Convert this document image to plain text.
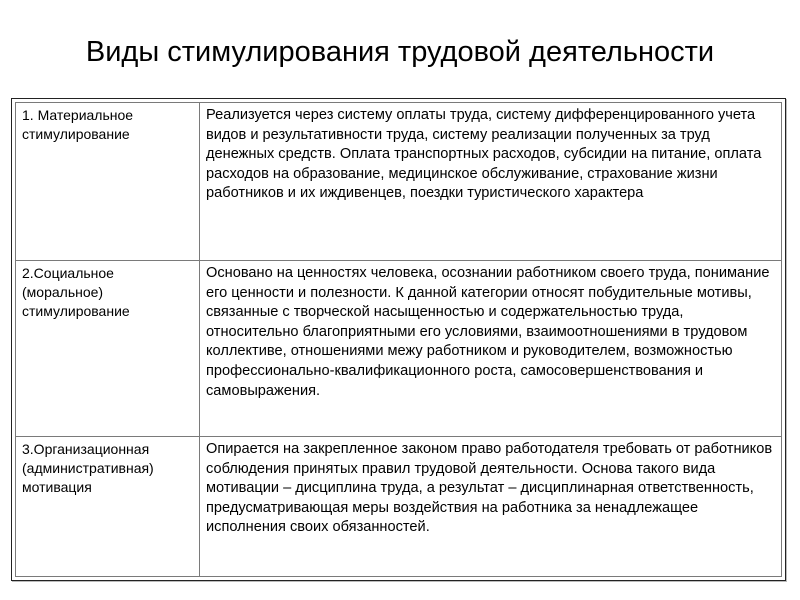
Виды стимулирования трудовой деятельности
1. Материальное стимулирование	Реализуется через систему оплаты труда, систему дифференцированного учета видов и результативности труда, систему реализации полученных за труд денежных средств. Оплата транспортных расходов, субсидии на питание, оплата расходов на образование, медицинское обслуживание, страхование жизни работников и их иждивенцев, поездки туристического характера
2.Социальное (моральное) стимулирование	Основано на ценностях человека, осознании работником своего труда, понимание его ценности и полезности. К данной категории относят побудительные мотивы, связанные с творческой насыщенностью и содержательностью труда, относительно благоприятными его условиями, взаимоотношениями в трудовом коллективе, отношениями межу работником и руководителем, возможностью профессионально-квалификационного роста, самосовершенствования и самовыражения.
3.Организационная (административная) мотивация	Опирается на закрепленное законом право работодателя требовать от работников соблюдения принятых правил трудовой деятельности. Основа такого вида мотивации – дисциплина труда, а результат – дисциплинарная ответственность, предусматривающая меры воздействия на работника за ненадлежащее исполнения своих обязанностей.
